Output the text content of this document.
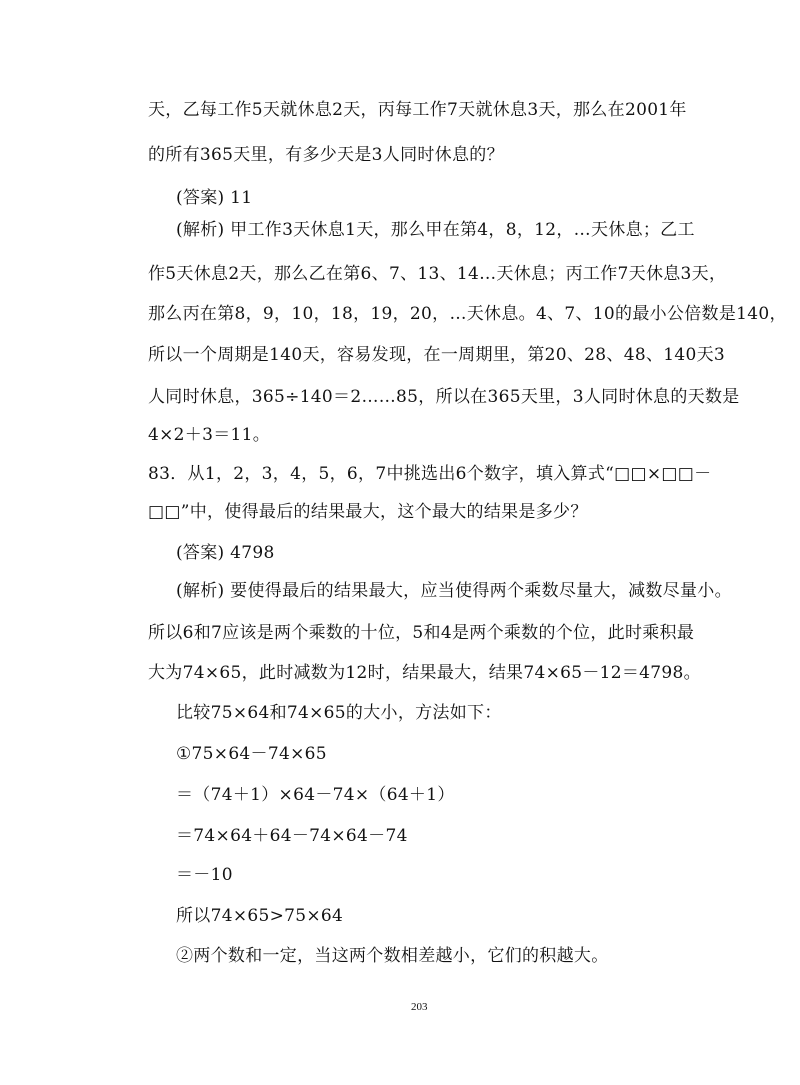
天，乙每工作5天就休息2天，丙每工作7天就休息3天，那么在2001年
的所有365天里，有多少天是3人同时休息的？
(答案) 11
(解析) 甲工作3天休息1天，那么甲在第4，8，12，…天休息；乙工
作5天休息2天，那么乙在第6、7、13、14…天休息；丙工作7天休息3天，
那么丙在第8，9，10，18，19，20，…天休息。4、7、10的最小公倍数是140，
所以一个周期是140天，容易发现，在一周期里，第20、28、48、140天3
人同时休息，365÷140＝2……85，所以在365天里，3人同时休息的天数是
4×2＋3＝11。
83．从1，2，3，4，5，6，7中挑选出6个数字，填入算式“□□×□□－
□□”中，使得最后的结果最大，这个最大的结果是多少？
(答案) 4798
(解析) 要使得最后的结果最大，应当使得两个乘数尽量大，减数尽量小。
所以6和7应该是两个乘数的十位，5和4是两个乘数的个位，此时乘积最
大为74×65，此时减数为12时，结果最大，结果74×65－12＝4798。
比较75×64和74×65的大小，方法如下：
①75×64－74×65
＝（74＋1）×64－74×（64＋1）
＝74×64＋64－74×64－74
＝－10
所以74×65>75×64
②两个数和一定，当这两个数相差越小，它们的积越大。
203
